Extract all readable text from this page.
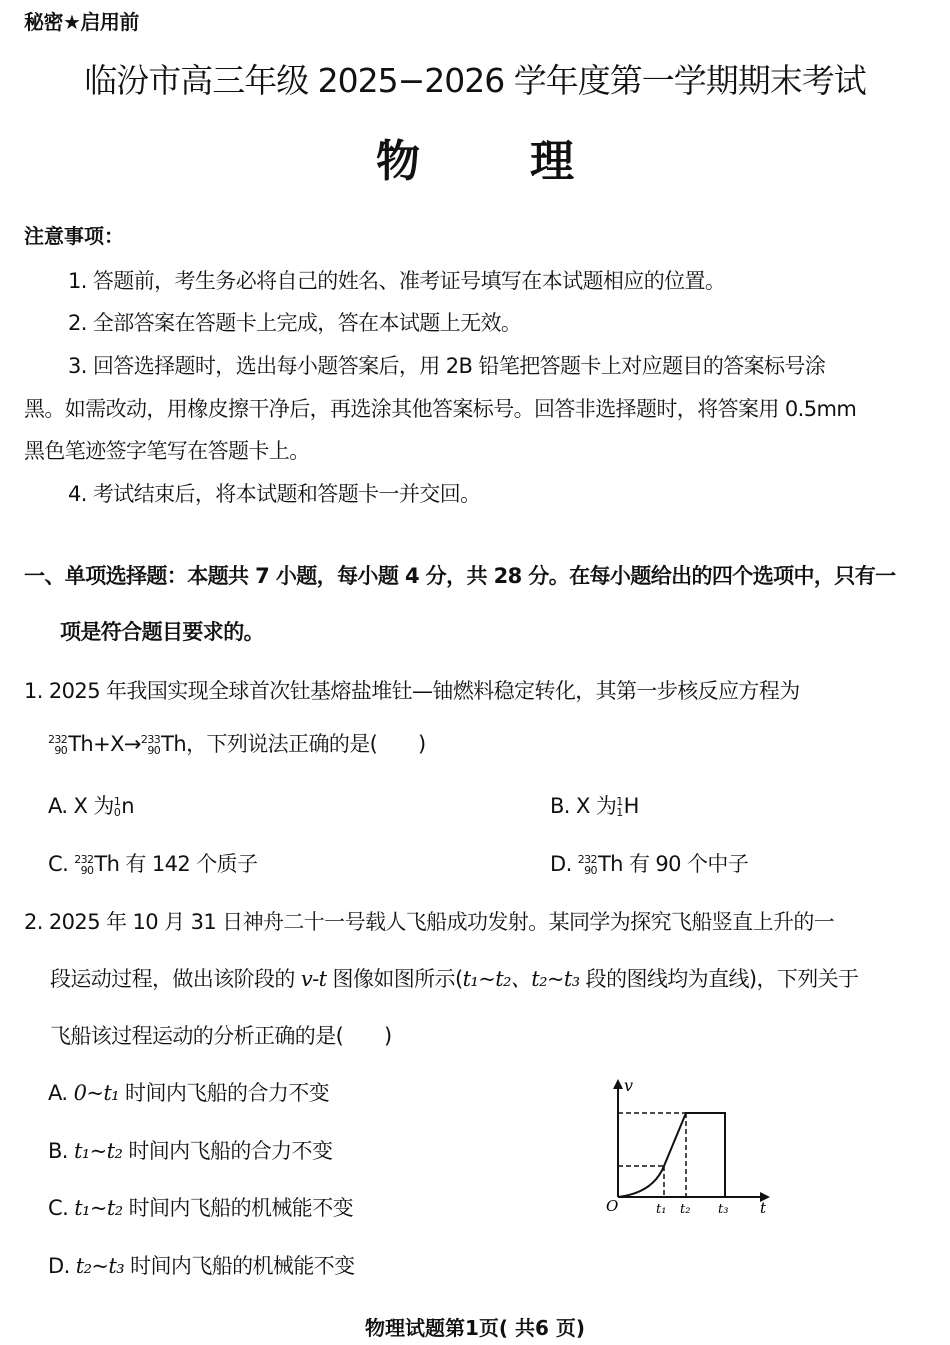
秘密★启用前
临汾市高三年级 2025−2026 学年度第一学期期末考试
物	理
注意事项：
1. 答题前，考生务必将自己的姓名、准考证号填写在本试题相应的位置。
2. 全部答案在答题卡上完成，答在本试题上无效。
3. 回答选择题时，选出每小题答案后，用 2B 铅笔把答题卡上对应题目的答案标号涂
黑。如需改动，用橡皮擦干净后，再选涂其他答案标号。回答非选择题时，将答案用 0.5mm
黑色笔迹签字笔写在答题卡上。
4. 考试结束后，将本试题和答题卡一并交回。
一、单项选择题：本题共 7 小题，每小题 4 分，共 28 分。在每小题给出的四个选项中，只有一
项是符合题目要求的。
1. 2025 年我国实现全球首次钍基熔盐堆钍—铀燃料稳定转化，其第一步核反应方程为
232
90 Th+X→ 233
90 Th，下列说法正确的是(　　)
A. X 为 1
0 n	B. X 为 1
1 H
C. 232
90 Th 有 142 个质子	D. 232
90 Th 有 90 个中子
2. 2025 年 10 月 31 日神舟二十一号载人飞船成功发射。某同学为探究飞船竖直上升的一
段运动过程，做出该阶段的 v-t 图像如图所示(t₁~t₂、t₂~t₃ 段的图线均为直线)，下列关于
飞船该过程运动的分析正确的是(　　)
A. 0~t₁ 时间内飞船的合力不变
B. t₁~t₂ 时间内飞船的合力不变
C. t₁~t₂ 时间内飞船的机械能不变
D. t₂~t₃ 时间内飞船的机械能不变
v
O	t₁ t₂ t₃ t
物理试题第1页( 共6 页)
